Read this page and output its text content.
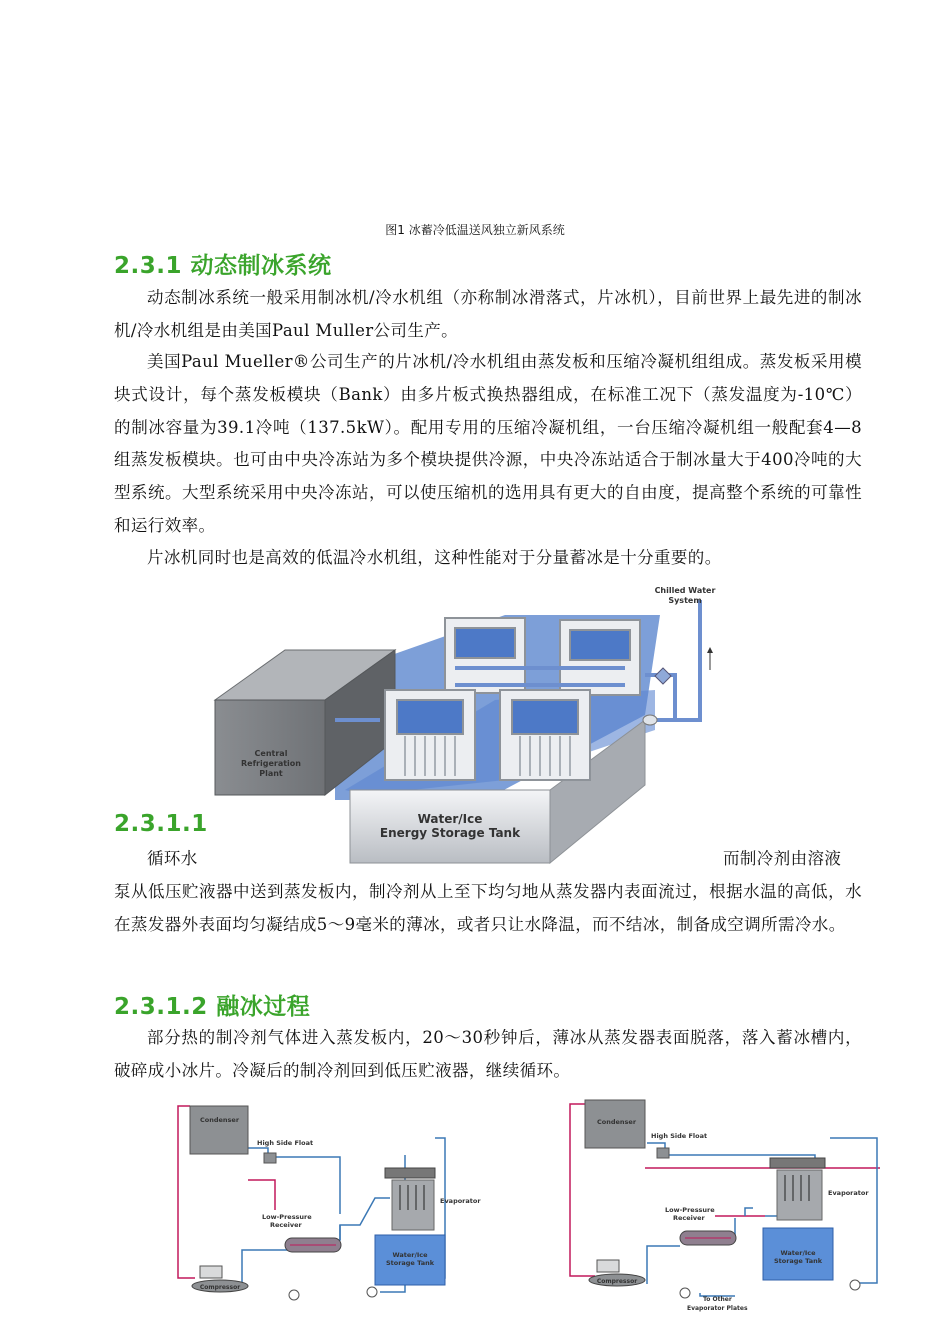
图1 冰蓄冷低温送风独立新风系统
2.3.1 动态制冰系统

动态制冰系统一般采用制冰机/冷水机组（亦称制冰滑落式，片冰机），目前世界上最先进的制冰机/冷水机组是由美国Paul Muller公司生产。

美国Paul Mueller®公司生产的片冰机/冷水机组由蒸发板和压缩冷凝机组组成。蒸发板采用模块式设计，每个蒸发板模块（Bank）由多片板式换热器组成，在标准工况下（蒸发温度为-10℃）的制冰容量为39.1冷吨（137.5kW）。配用专用的压缩冷凝机组，一台压缩冷凝机组一般配套4—8组蒸发板模块。也可由中央冷冻站为多个模块提供冷源，中央冷冻站适合于制冰量大于400冷吨的大型系统。大型系统采用中央冷冻站，可以使压缩机的选用具有更大的自由度，提高整个系统的可靠性和运行效率。

片冰机同时也是高效的低温冷水机组，这种性能对于分量蓄冰是十分重要的。

2.3.1.1

循环水	而制冷剂由溶液

泵从低压贮液器中送到蒸发板内，制冷剂从上至下均匀地从蒸发器内表面流过，根据水温的高低，水在蒸发器外表面均匀凝结成5～9毫米的薄冰，或者只让水降温，而不结冰，制备成空调所需冷水。

2.3.1.2 融冰过程

部分热的制冷剂气体进入蒸发板内，20～30秒钟后，薄冰从蒸发器表面脱落，落入蓄冰槽内，破碎成小冰片。冷凝后的制冷剂回到低压贮液器，继续循环。

Water/Ice
Energy Storage Tank
Central
Refrigeration
Plant
Chilled Water
System
Condenser
High Side Float
Low-Pressure
Receiver
Evaporator
Water/Ice
Storage Tank
Compressor
Condenser
High Side Float
Low-Pressure
Receiver
Evaporator
Water/Ice
Storage Tank
Compressor
To Other
Evaporator Plates
